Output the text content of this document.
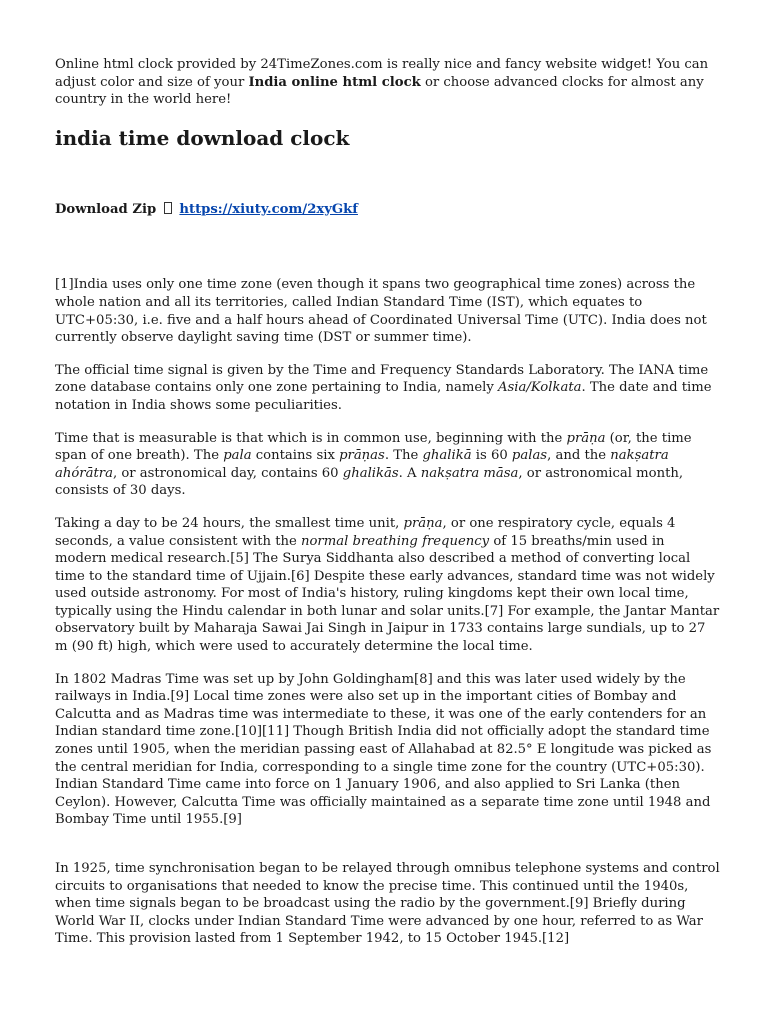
Online html clock provided by 24TimeZones.com is really nice and fancy website widget! You can adjust color and size of your India online html clock or choose advanced clocks for almost any country in the world here!

india time download clock
Download Zip https://xiuty.com/2xyGkf

[1]India uses only one time zone (even though it spans two geographical time zones) across the whole nation and all its territories, called Indian Standard Time (IST), which equates to UTC+05:30, i.e. five and a half hours ahead of Coordinated Universal Time (UTC). India does not currently observe daylight saving time (DST or summer time).

The official time signal is given by the Time and Frequency Standards Laboratory. The IANA time zone database contains only one zone pertaining to India, namely Asia/Kolkata. The date and time notation in India shows some peculiarities.

Time that is measurable is that which is in common use, beginning with the prāṇa (or, the time span of one breath). The pala contains six prāṇas. The ghalikā is 60 palas, and the nakṣatra ahórātra, or astronomical day, contains 60 ghalikās. A nakṣatra māsa, or astronomical month, consists of 30 days.

Taking a day to be 24 hours, the smallest time unit, prāṇa, or one respiratory cycle, equals 4 seconds, a value consistent with the normal breathing frequency of 15 breaths/min used in modern medical research.[5] The Surya Siddhanta also described a method of converting local time to the standard time of Ujjain.[6] Despite these early advances, standard time was not widely used outside astronomy. For most of India's history, ruling kingdoms kept their own local time, typically using the Hindu calendar in both lunar and solar units.[7] For example, the Jantar Mantar observatory built by Maharaja Sawai Jai Singh in Jaipur in 1733 contains large sundials, up to 27 m (90 ft) high, which were used to accurately determine the local time.

In 1802 Madras Time was set up by John Goldingham[8] and this was later used widely by the railways in India.[9] Local time zones were also set up in the important cities of Bombay and Calcutta and as Madras time was intermediate to these, it was one of the early contenders for an Indian standard time zone.[10][11] Though British India did not officially adopt the standard time zones until 1905, when the meridian passing east of Allahabad at 82.5° E longitude was picked as the central meridian for India, corresponding to a single time zone for the country (UTC+05:30). Indian Standard Time came into force on 1 January 1906, and also applied to Sri Lanka (then Ceylon). However, Calcutta Time was officially maintained as a separate time zone until 1948 and Bombay Time until 1955.[9]

In 1925, time synchronisation began to be relayed through omnibus telephone systems and control circuits to organisations that needed to know the precise time. This continued until the 1940s, when time signals began to be broadcast using the radio by the government.[9] Briefly during World War II, clocks under Indian Standard Time were advanced by one hour, referred to as War Time. This provision lasted from 1 September 1942, to 15 October 1945.[12]
